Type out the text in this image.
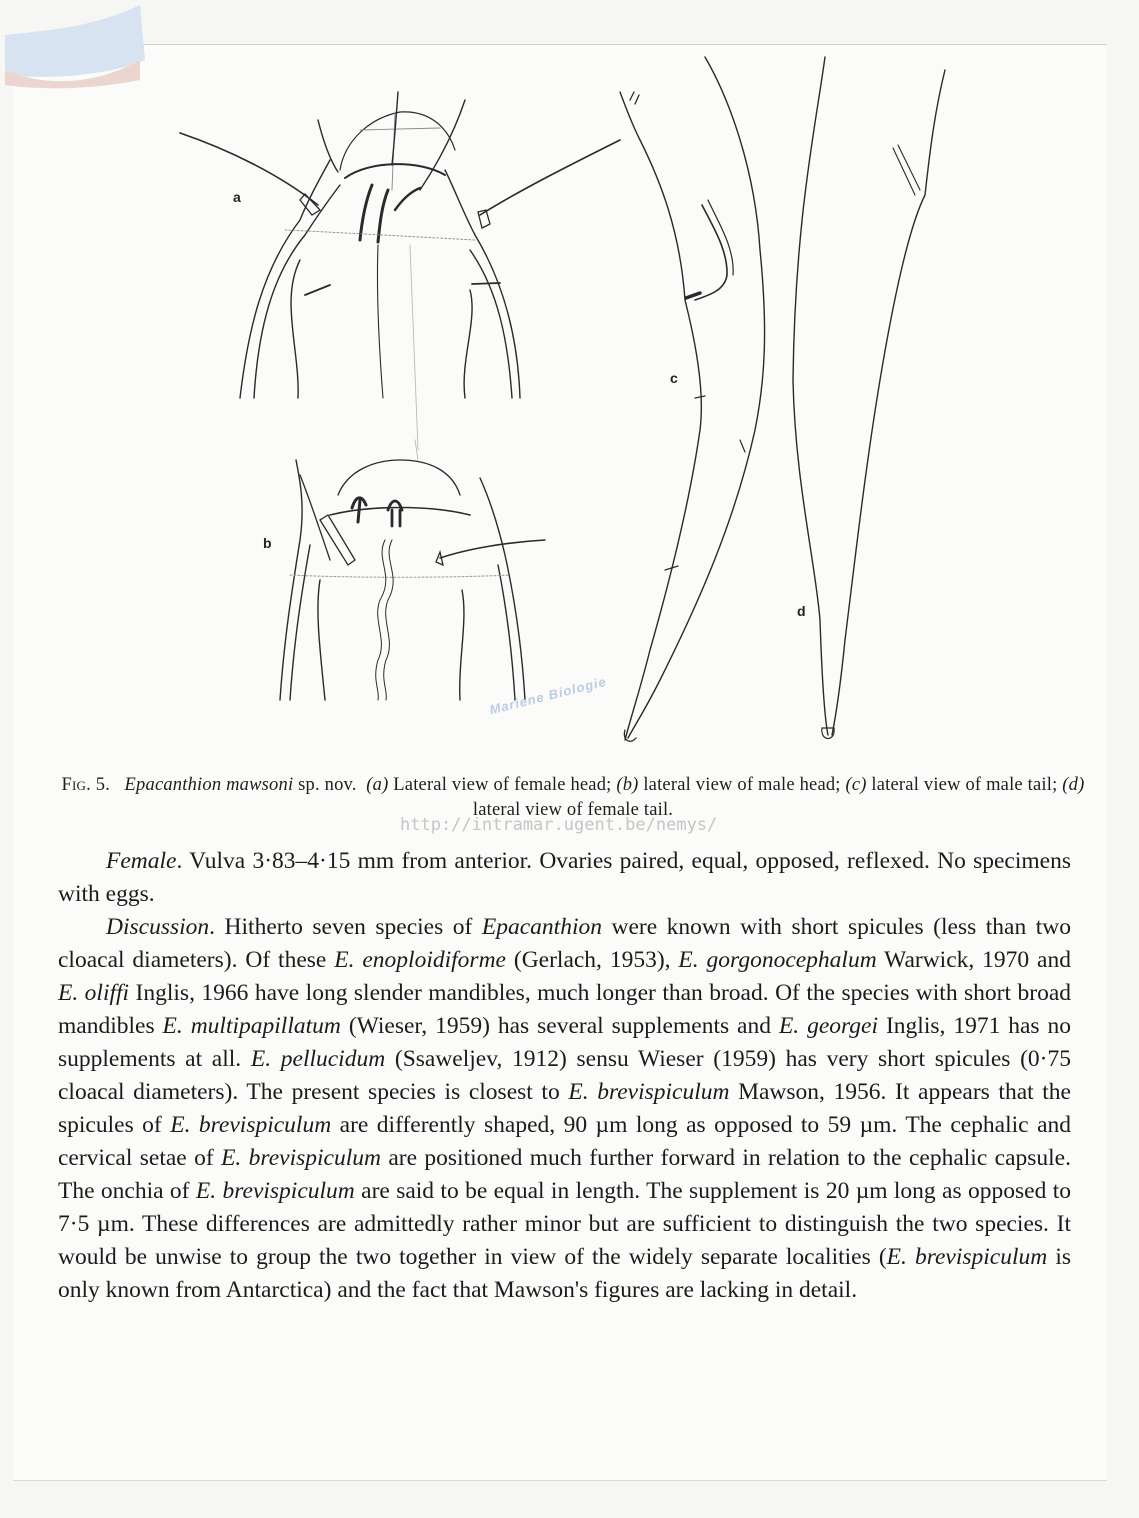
a
b
c
d
Mariene Biologie
Fig. 5. Epacanthion mawsoni sp. nov. (a) Lateral view of female head; (b) lateral view of male head; (c) lateral view of male tail; (d) lateral view of female tail.
http://intramar.ugent.be/nemys/

Female. Vulva 3·83–4·15 mm from anterior. Ovaries paired, equal, opposed, reflexed. No specimens with eggs.

Discussion. Hitherto seven species of Epacanthion were known with short spicules (less than two cloacal diameters). Of these E. enoploidiforme (Gerlach, 1953), E. gorgonocephalum Warwick, 1970 and E. oliffi Inglis, 1966 have long slender mandibles, much longer than broad. Of the species with short broad mandibles E. multipapillatum (Wieser, 1959) has several supplements and E. georgei Inglis, 1971 has no supplements at all. E. pellucidum (Ssaweljev, 1912) sensu Wieser (1959) has very short spicules (0·75 cloacal diameters). The present species is closest to E. brevispiculum Mawson, 1956. It appears that the spicules of E. brevispiculum are differently shaped, 90 µm long as opposed to 59 µm. The cephalic and cervical setae of E. brevispiculum are positioned much further forward in relation to the cephalic capsule. The onchia of E. brevispiculum are said to be equal in length. The supplement is 20 µm long as opposed to 7·5 µm. These differences are admittedly rather minor but are sufficient to distinguish the two species. It would be unwise to group the two together in view of the widely separate localities (E. brevispiculum is only known from Antarctica) and the fact that Mawson's figures are lacking in detail.
